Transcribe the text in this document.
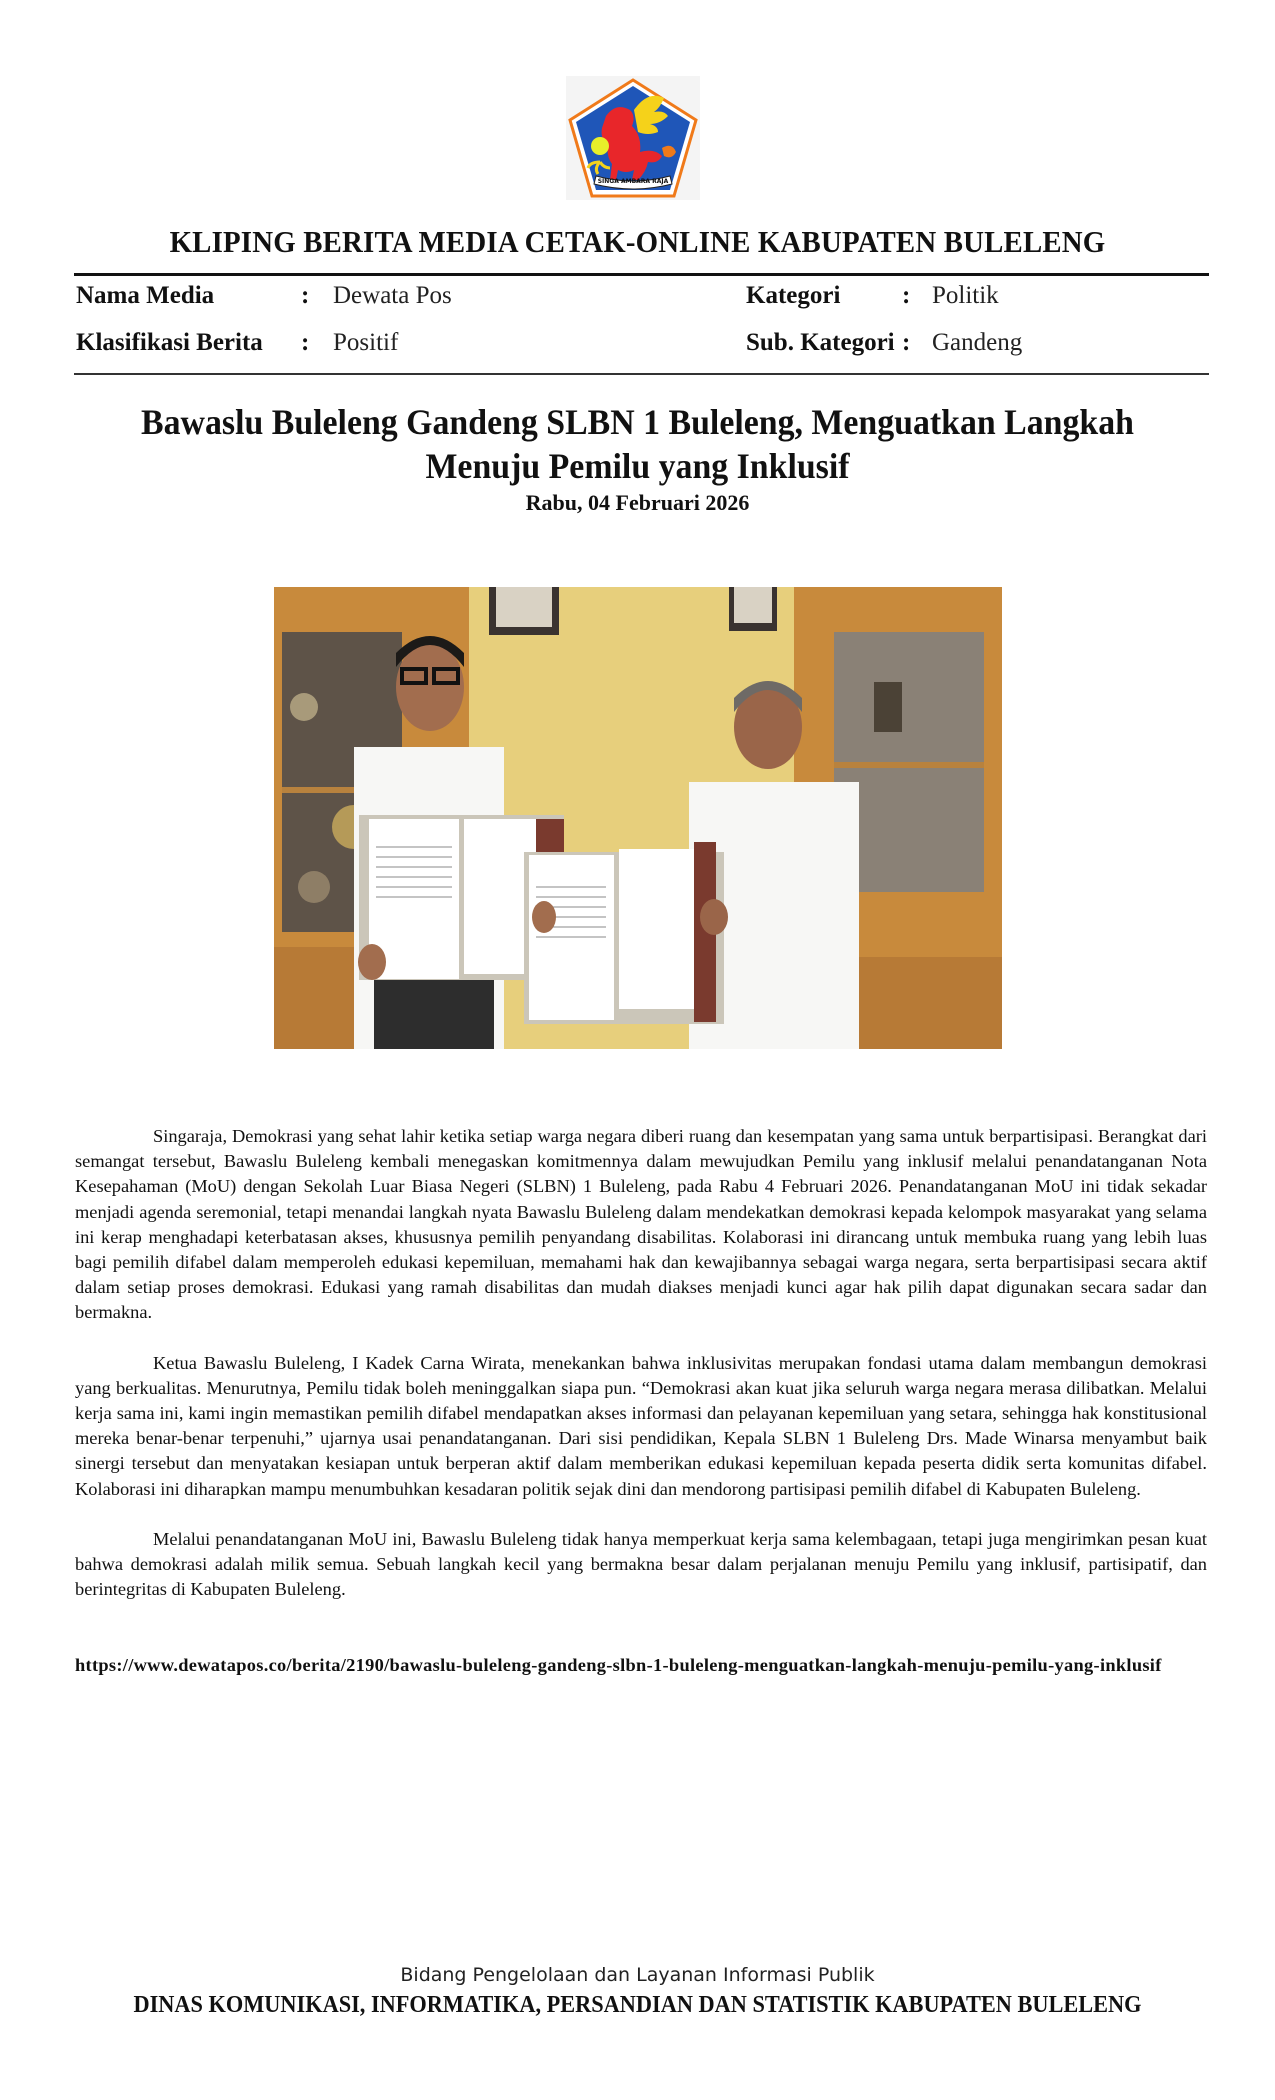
SINGA AMBARA RAJA
KLIPING BERITA MEDIA CETAK-ONLINE KABUPATEN BULELENG
Nama Media	: Dewata Pos
Klasifikasi Berita : Positif
Kategori : Politik
Sub. Kategori : Gandeng
Bawaslu Buleleng Gandeng SLBN 1 Buleleng, Menguatkan Langkah Menuju Pemilu yang Inklusif
Rabu, 04 Februari 2026

Singaraja, Demokrasi yang sehat lahir ketika setiap warga negara diberi ruang dan kesempatan yang sama untuk berpartisipasi. Berangkat dari semangat tersebut, Bawaslu Buleleng kembali menegaskan komitmennya dalam mewujudkan Pemilu yang inklusif melalui penandatanganan Nota Kesepahaman (MoU) dengan Sekolah Luar Biasa Negeri (SLBN) 1 Buleleng, pada Rabu 4 Februari 2026. Penandatanganan MoU ini tidak sekadar menjadi agenda seremonial, tetapi menandai langkah nyata Bawaslu Buleleng dalam mendekatkan demokrasi kepada kelompok masyarakat yang selama ini kerap menghadapi keterbatasan akses, khususnya pemilih penyandang disabilitas. Kolaborasi ini dirancang untuk membuka ruang yang lebih luas bagi pemilih difabel dalam memperoleh edukasi kepemiluan, memahami hak dan kewajibannya sebagai warga negara, serta berpartisipasi secara aktif dalam setiap proses demokrasi. Edukasi yang ramah disabilitas dan mudah diakses menjadi kunci agar hak pilih dapat digunakan secara sadar dan bermakna.

Ketua Bawaslu Buleleng, I Kadek Carna Wirata, menekankan bahwa inklusivitas merupakan fondasi utama dalam membangun demokrasi yang berkualitas. Menurutnya, Pemilu tidak boleh meninggalkan siapa pun. “Demokrasi akan kuat jika seluruh warga negara merasa dilibatkan. Melalui kerja sama ini, kami ingin memastikan pemilih difabel mendapatkan akses informasi dan pelayanan kepemiluan yang setara, sehingga hak konstitusional mereka benar-benar terpenuhi,” ujarnya usai penandatanganan. Dari sisi pendidikan, Kepala SLBN 1 Buleleng Drs. Made Winarsa menyambut baik sinergi tersebut dan menyatakan kesiapan untuk berperan aktif dalam memberikan edukasi kepemiluan kepada peserta didik serta komunitas difabel. Kolaborasi ini diharapkan mampu menumbuhkan kesadaran politik sejak dini dan mendorong partisipasi pemilih difabel di Kabupaten Buleleng.

Melalui penandatanganan MoU ini, Bawaslu Buleleng tidak hanya memperkuat kerja sama kelembagaan, tetapi juga mengirimkan pesan kuat bahwa demokrasi adalah milik semua. Sebuah langkah kecil yang bermakna besar dalam perjalanan menuju Pemilu yang inklusif, partisipatif, dan berintegritas di Kabupaten Buleleng.

https://www.dewatapos.co/berita/2190/bawaslu-buleleng-gandeng-slbn-1-buleleng-menguatkan-langkah-menuju-pemilu-yang-inklusif
Bidang Pengelolaan dan Layanan Informasi Publik
DINAS KOMUNIKASI, INFORMATIKA, PERSANDIAN DAN STATISTIK KABUPATEN BULELENG
